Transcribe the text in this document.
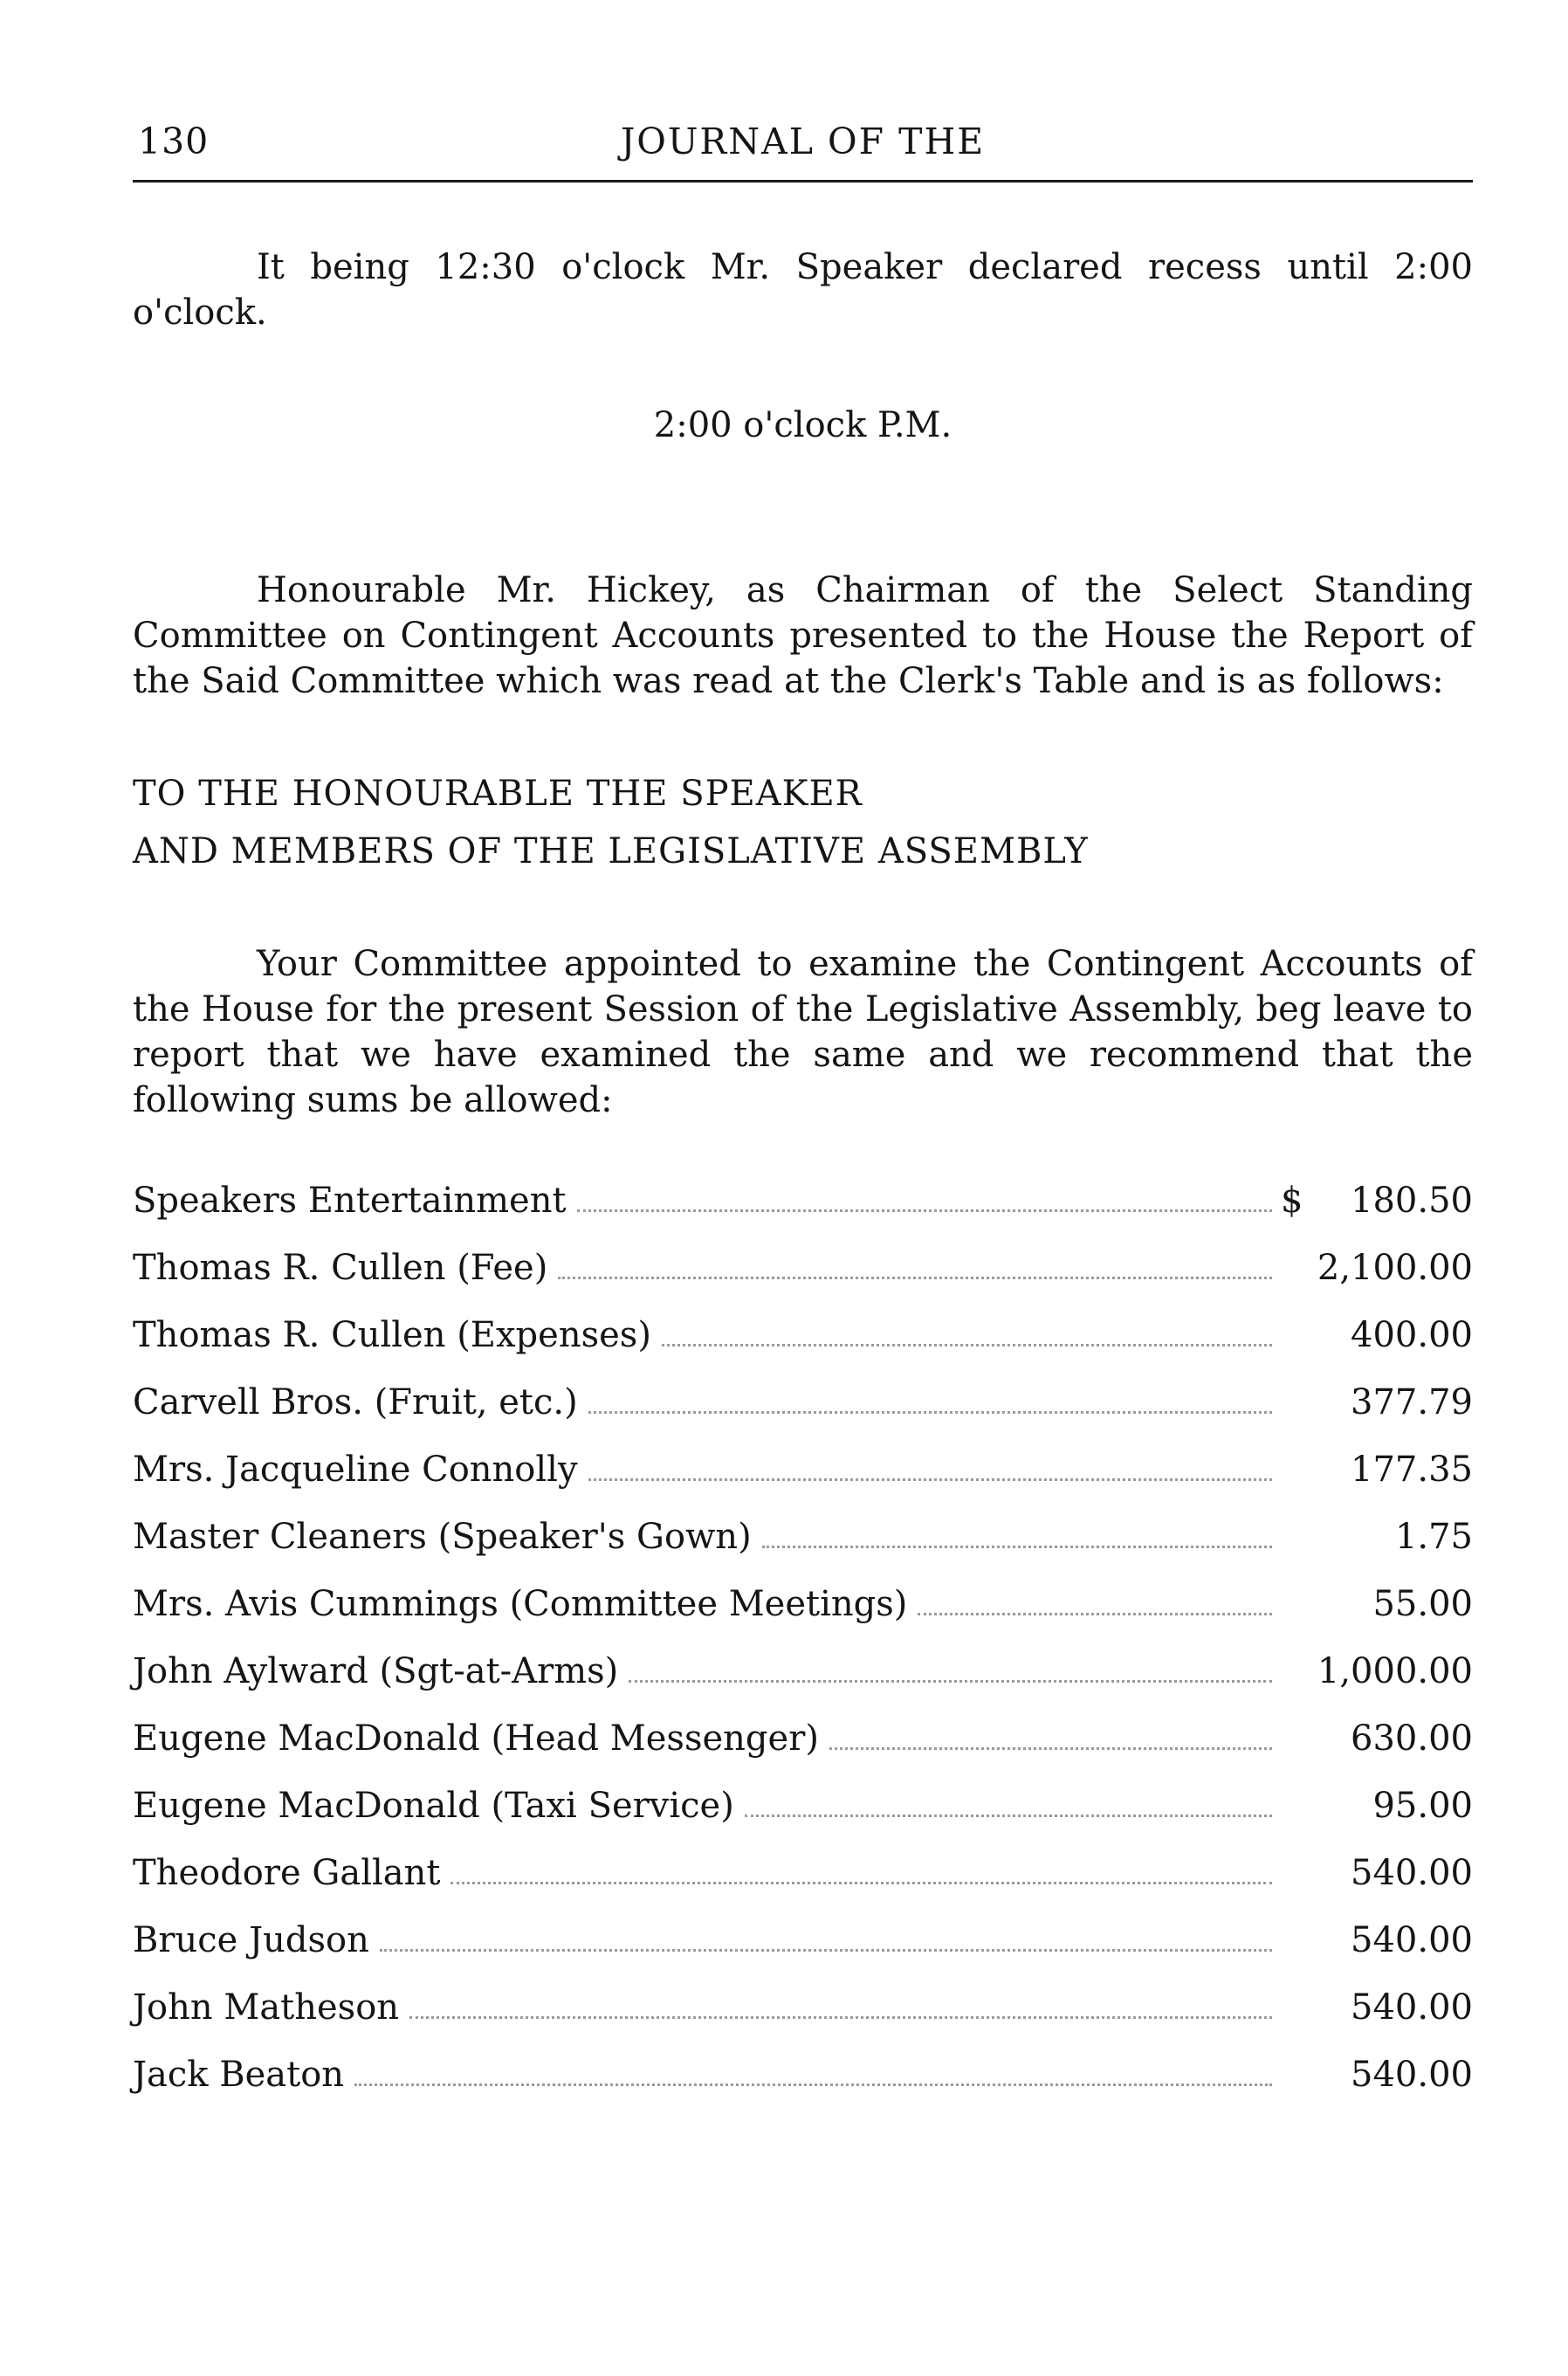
130	JOURNAL OF THE

It being 12:30 o'clock Mr. Speaker declared recess until 2:00 o'clock.

2:00 o'clock P.M.

Honourable Mr. Hickey, as Chairman of the Select Standing Committee on Contingent Accounts presented to the House the Report of the Said Committee which was read at the Clerk's Table and is as follows:

TO THE HONOURABLE THE SPEAKER
AND MEMBERS OF THE LEGISLATIVE ASSEMBLY

Your Committee appointed to examine the Contingent Accounts of the House for the present Session of the Legislative Assembly, beg leave to report that we have examined the same and we recommend that the following sums be allowed:

Speakers Entertainment	$	180.50
Thomas R. Cullen (Fee)	2,100.00
Thomas R. Cullen (Expenses)	400.00
Carvell Bros. (Fruit, etc.)	377.79
Mrs. Jacqueline Connolly	177.35
Master Cleaners (Speaker's Gown)	1.75
Mrs. Avis Cummings (Committee Meetings)	55.00
John Aylward (Sgt-at-Arms)	1,000.00
Eugene MacDonald (Head Messenger)	630.00
Eugene MacDonald (Taxi Service)	95.00
Theodore Gallant	540.00
Bruce Judson	540.00
John Matheson	540.00
Jack Beaton	540.00
